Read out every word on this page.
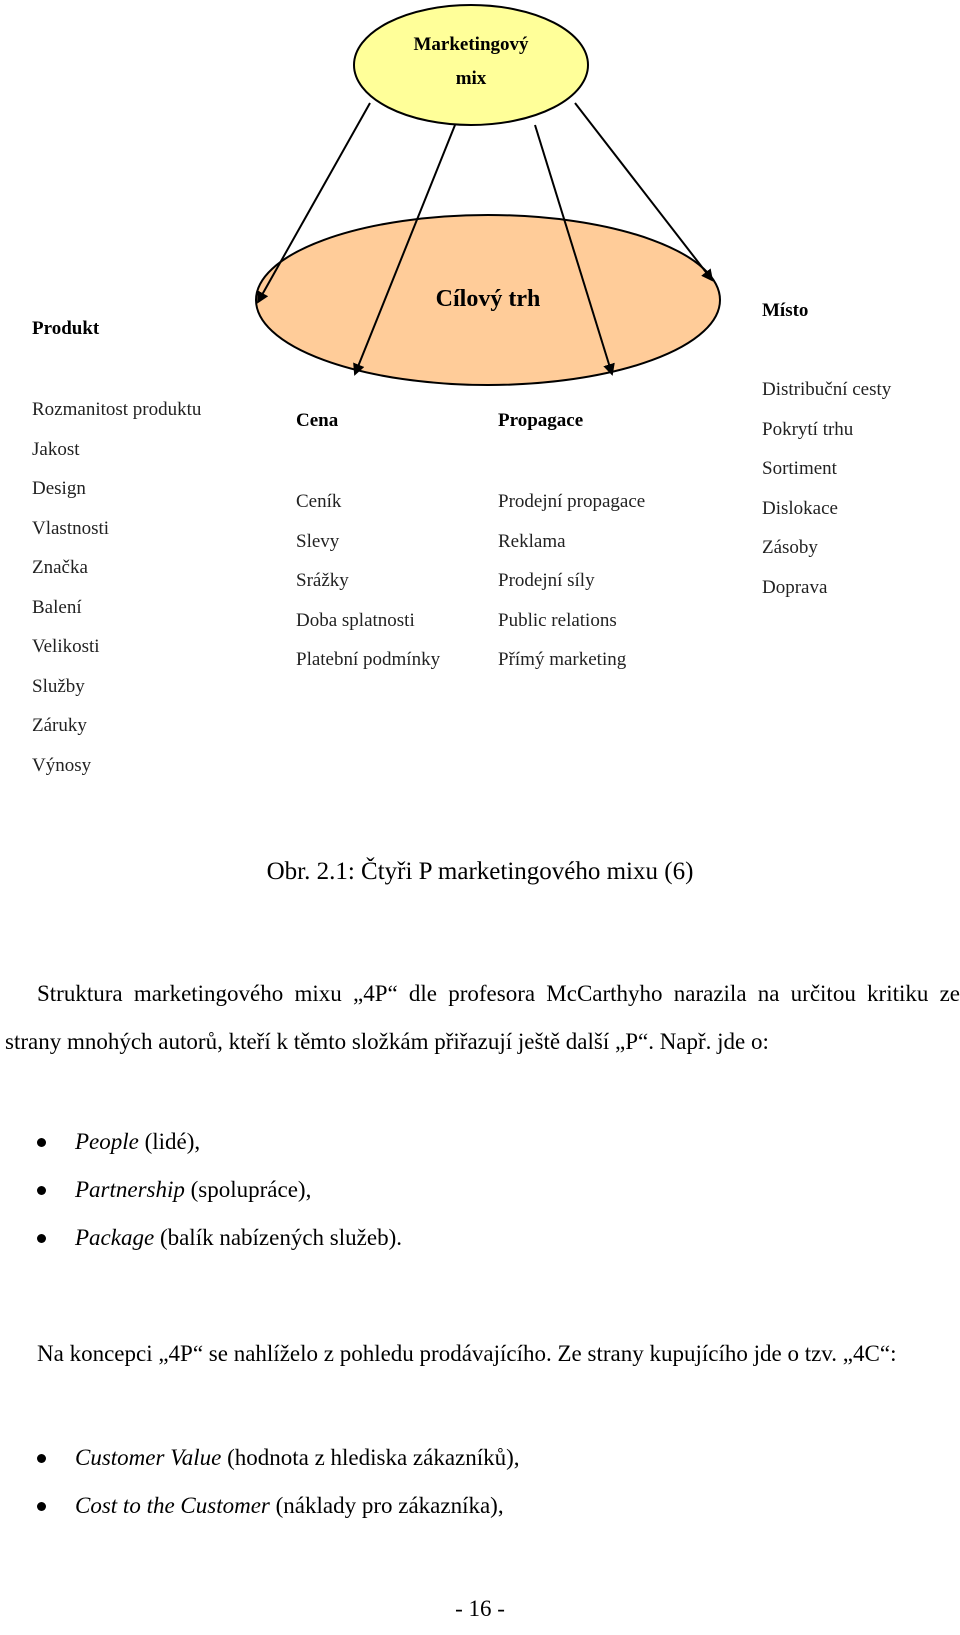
Marketingový
mix
Cílový trh
Produkt
Rozmanitost produktu
Jakost
Design
Vlastnosti
Značka
Balení
Velikosti
Služby
Záruky
Výnosy
Cena
Ceník
Slevy
Srážky
Doba splatnosti
Platební podmínky
Propagace
Prodejní propagace
Reklama
Prodejní síly
Public relations
Přímý marketing
Místo
Distribuční cesty
Pokrytí trhu
Sortiment
Dislokace
Zásoby
Doprava
Obr. 2.1: Čtyři P marketingového mixu (6)
Struktura marketingového mixu „4P“ dle profesora McCarthyho narazila na určitou kritiku ze strany mnohých autorů, kteří k těmto složkám přiřazují ještě další „P“. Např. jde o:
People (lidé),
Partnership (spolupráce),
Package (balík nabízených služeb).
Na koncepci „4P“ se nahlíželo z pohledu prodávajícího. Ze strany kupujícího jde o tzv. „4C“:
Customer Value (hodnota z hlediska zákazníků),
Cost to the Customer (náklady pro zákazníka),
- 16 -
